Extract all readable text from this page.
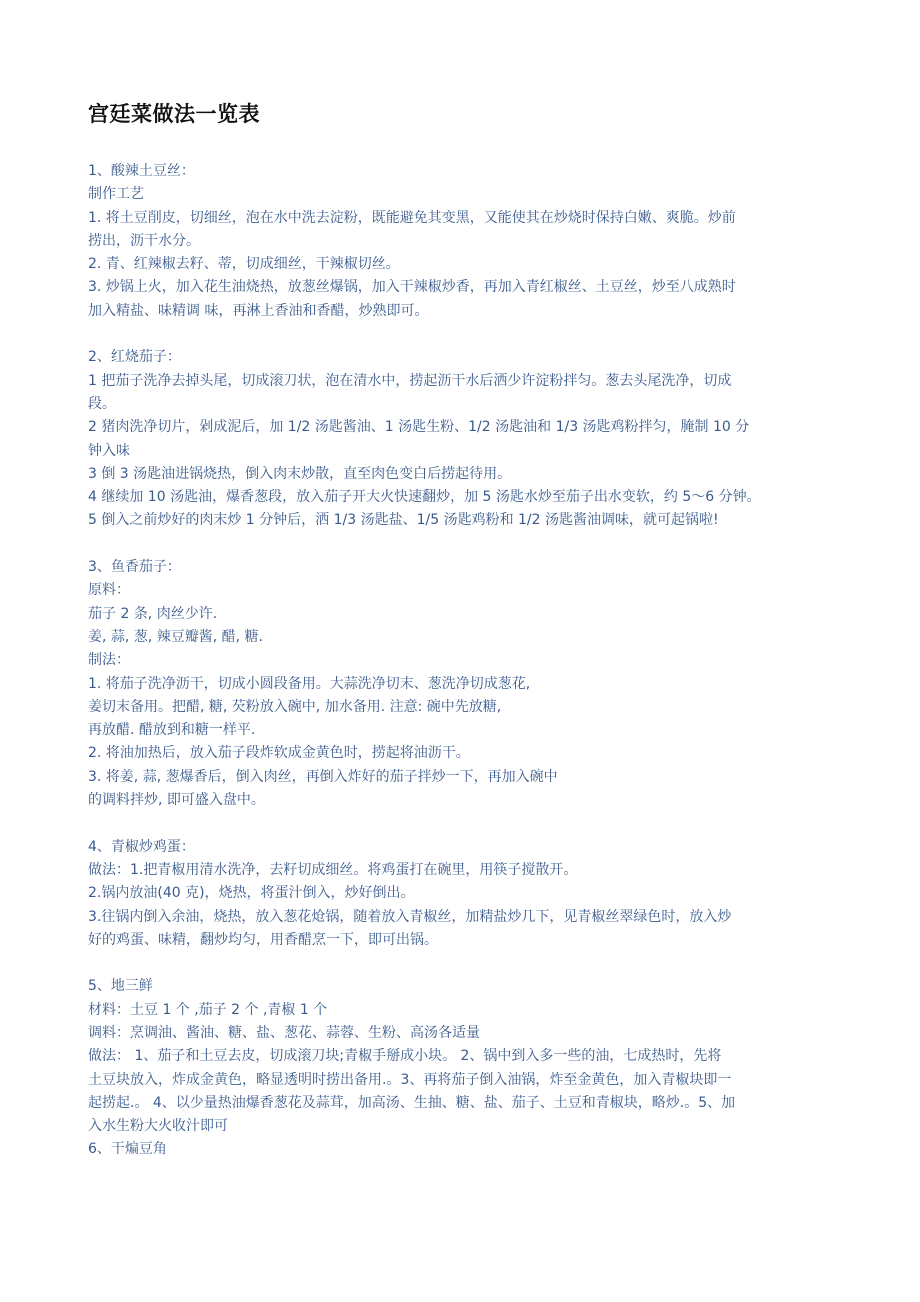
宫廷菜做法一览表
1、酸辣土豆丝：
制作工艺
1. 将土豆削皮，切细丝，泡在水中洗去淀粉，既能避免其变黑，又能使其在炒烧时保持白嫩、爽脆。炒前
捞出，沥干水分。
2. 青、红辣椒去籽、蒂，切成细丝，干辣椒切丝。
3. 炒锅上火，加入花生油烧热，放葱丝爆锅，加入干辣椒炒香，再加入青红椒丝、土豆丝，炒至八成熟时
加入精盐、味精调 味，再淋上香油和香醋，炒熟即可。
2、红烧茄子：
1 把茄子洗净去掉头尾，切成滚刀状，泡在清水中，捞起沥干水后洒少许淀粉拌匀。葱去头尾洗净，切成
段。
2 猪肉洗净切片，剁成泥后，加 1/2 汤匙酱油、1 汤匙生粉、1/2 汤匙油和 1/3 汤匙鸡粉拌匀，腌制 10 分
钟入味
3 倒 3 汤匙油进锅烧热，倒入肉末炒散，直至肉色变白后捞起待用。
4 继续加 10 汤匙油，爆香葱段，放入茄子开大火快速翻炒，加 5 汤匙水炒至茄子出水变软，约 5～6 分钟。
5 倒入之前炒好的肉末炒 1 分钟后，洒 1/3 汤匙盐、1/5 汤匙鸡粉和 1/2 汤匙酱油调味，就可起锅啦!
3、鱼香茄子：
原料：
茄子 2 条, 肉丝少许.
姜, 蒜, 葱, 辣豆瓣酱, 醋, 糖.
制法：
1. 将茄子洗净沥干，切成小圆段备用。大蒜洗净切末、葱洗净切成葱花,
姜切末备用。把醋, 糖, 芡粉放入碗中, 加水备用. 注意: 碗中先放糖,
再放醋. 醋放到和糖一样平.
2. 将油加热后，放入茄子段炸软成金黄色时，捞起将油沥干。
3. 将姜, 蒜, 葱爆香后，倒入肉丝，再倒入炸好的茄子拌炒一下，再加入碗中
的调料拌炒, 即可盛入盘中。
4、青椒炒鸡蛋：
做法：1.把青椒用清水洗净，去籽切成细丝。将鸡蛋打在碗里，用筷子搅散开。
2.锅内放油(40 克)，烧热，将蛋汁倒入，炒好倒出。
3.往锅内倒入余油，烧热，放入葱花炝锅，随着放入青椒丝，加精盐炒几下，见青椒丝翠绿色时，放入炒
好的鸡蛋、味精，翻炒均匀，用香醋烹一下，即可出锅。
5、地三鲜
材料：土豆 1 个 ,茄子 2 个 ,青椒 1 个
调料：烹调油、酱油、糖、盐、葱花、蒜蓉、生粉、高汤各适量
做法： 1、茄子和土豆去皮，切成滚刀块;青椒手掰成小块。 2、锅中到入多一些的油，七成热时，先将
土豆块放入，炸成金黄色，略显透明时捞出备用.。3、再将茄子倒入油锅，炸至金黄色，加入青椒块即一
起捞起.。 4、以少量热油爆香葱花及蒜茸，加高汤、生抽、糖、盐、茄子、土豆和青椒块，略炒.。5、加
入水生粉大火收汁即可
6、干煸豆角
